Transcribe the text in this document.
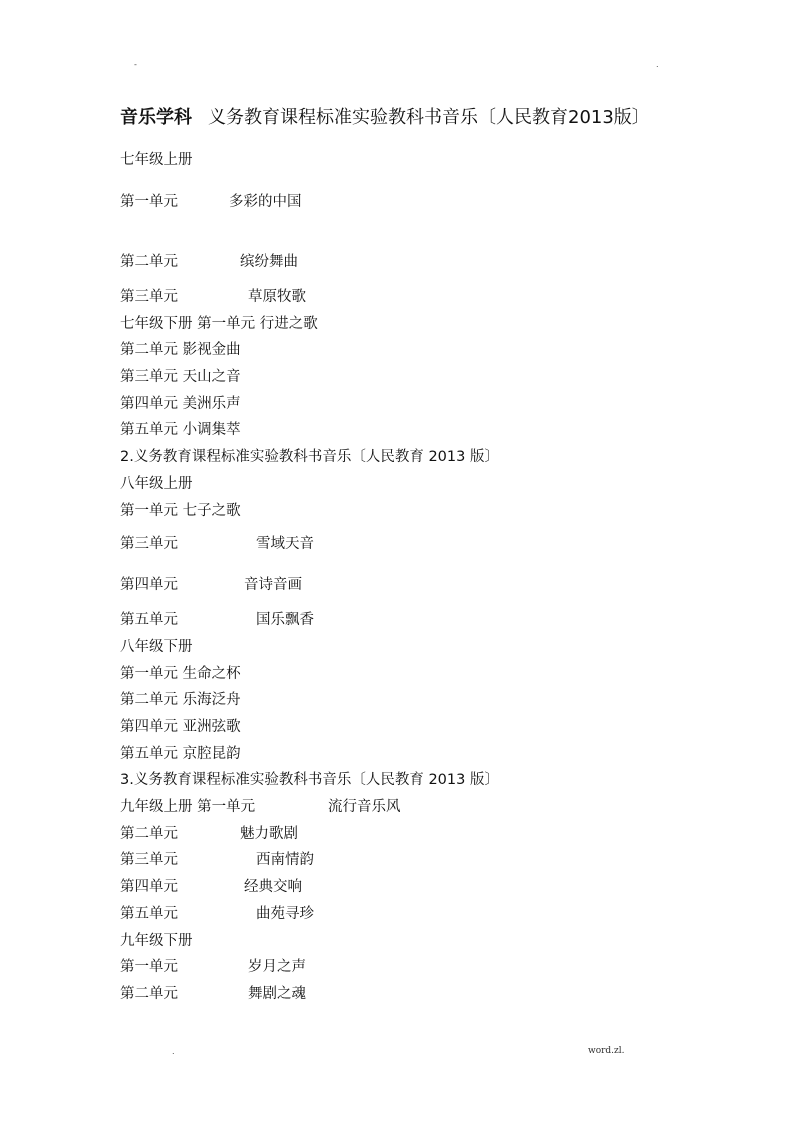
-	.
音乐学科 义务教育课程标准实验教科书音乐〔人民教育2013版〕
七年级上册
第一单元	多彩的中国
第二单元	缤纷舞曲
第三单元	草原牧歌
七年级下册 第一单元 行进之歌
第二单元 影视金曲
第三单元 天山之音
第四单元 美洲乐声
第五单元 小调集萃
2.义务教育课程标准实验教科书音乐〔人民教育 2013 版〕
八年级上册
第一单元 七子之歌
第三单元	雪域天音
第四单元	音诗音画
第五单元	国乐飘香
八年级下册
第一单元 生命之杯
第二单元 乐海泛舟
第四单元 亚洲弦歌
第五单元 京腔昆韵
3.义务教育课程标准实验教科书音乐〔人民教育 2013 版〕
九年级上册 第一单元	流行音乐风
第二单元	魅力歌剧
第三单元	西南情韵
第四单元	经典交响
第五单元	曲苑寻珍
九年级下册
第一单元	岁月之声
第二单元	舞剧之魂
.	word.zl.
